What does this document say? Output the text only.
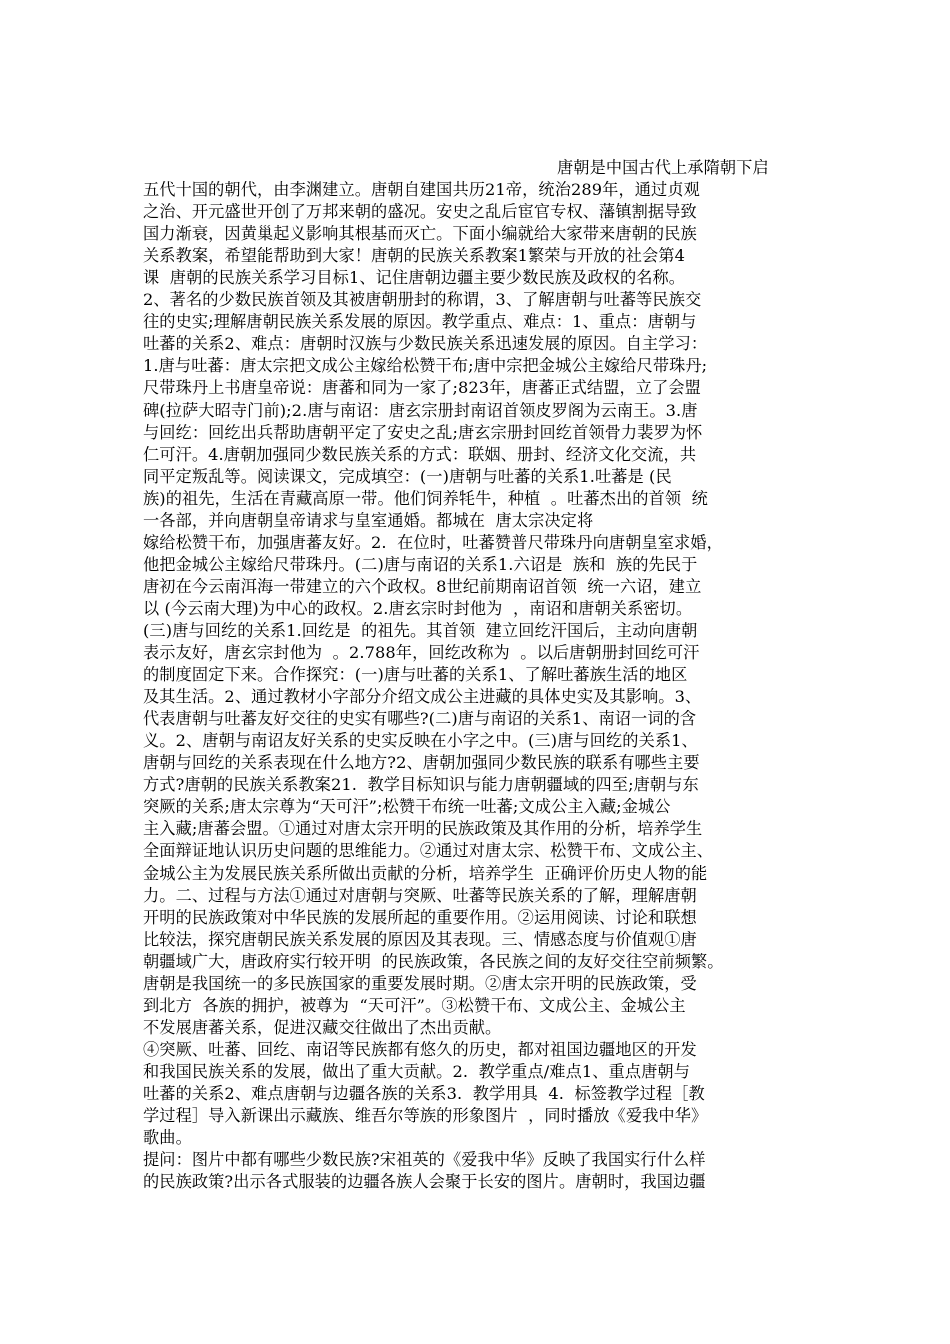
唐朝是中国古代上承隋朝下启
五代十国的朝代，由李渊建立。唐朝自建国共历21帝，统治289年，通过贞观
之治、开元盛世开创了万邦来朝的盛况。安史之乱后宦官专权、藩镇割据导致
国力渐衰，因黄巢起义影响其根基而灭亡。下面小编就给大家带来唐朝的民族
关系教案，希望能帮助到大家！唐朝的民族关系教案1繁荣与开放的社会第4
课  唐朝的民族关系学习目标1、记住唐朝边疆主要少数民族及政权的名称。
2、著名的少数民族首领及其被唐朝册封的称谓，3、了解唐朝与吐蕃等民族交
往的史实;理解唐朝民族关系发展的原因。教学重点、难点：1、重点：唐朝与
吐蕃的关系2、难点：唐朝时汉族与少数民族关系迅速发展的原因。自主学习：
1.唐与吐蕃：唐太宗把文成公主嫁给松赞干布;唐中宗把金城公主嫁给尺带珠丹;
尺带珠丹上书唐皇帝说：唐蕃和同为一家了;823年，唐蕃正式结盟，立了会盟
碑(拉萨大昭寺门前);2.唐与南诏：唐玄宗册封南诏首领皮罗阁为云南王。3.唐
与回纥：回纥出兵帮助唐朝平定了安史之乱;唐玄宗册封回纥首领骨力裴罗为怀
仁可汗。4.唐朝加强同少数民族关系的方式：联姻、册封、经济文化交流，共
同平定叛乱等。阅读课文，完成填空：(一)唐朝与吐蕃的关系1.吐蕃是 (民
族)的祖先，生活在青藏高原一带。他们饲养牦牛，种植  。吐蕃杰出的首领  统
一各部，并向唐朝皇帝请求与皇室通婚。都城在  唐太宗决定将
嫁给松赞干布，加强唐蕃友好。2.  在位时，吐蕃赞普尺带珠丹向唐朝皇室求婚，
他把金城公主嫁给尺带珠丹。(二)唐与南诏的关系1.六诏是  族和  族的先民于
唐初在今云南洱海一带建立的六个政权。8世纪前期南诏首领  统一六诏，建立
以 (今云南大理)为中心的政权。2.唐玄宗时封他为  ，南诏和唐朝关系密切。
(三)唐与回纥的关系1.回纥是  的祖先。其首领  建立回纥汗国后，主动向唐朝
表示友好，唐玄宗封他为  。2.788年，回纥改称为  。以后唐朝册封回纥可汗
的制度固定下来。合作探究：(一)唐与吐蕃的关系1、了解吐蕃族生活的地区
及其生活。2、通过教材小字部分介绍文成公主进藏的具体史实及其影响。3、
代表唐朝与吐蕃友好交往的史实有哪些?(二)唐与南诏的关系1、南诏一词的含
义。2、唐朝与南诏友好关系的史实反映在小字之中。(三)唐与回纥的关系1、
唐朝与回纥的关系表现在什么地方?2、唐朝加强同少数民族的联系有哪些主要
方式?唐朝的民族关系教案21.  教学目标知识与能力唐朝疆域的四至;唐朝与东
突厥的关系;唐太宗尊为“天可汗”;松赞干布统一吐蕃;文成公主入藏;金城公
主入藏;唐蕃会盟。①通过对唐太宗开明的民族政策及其作用的分析，培养学生
全面辩证地认识历史问题的思维能力。②通过对唐太宗、松赞干布、文成公主、
金城公主为发展民族关系所做出贡献的分析，培养学生  正确评价历史人物的能
力。二、过程与方法①通过对唐朝与突厥、吐蕃等民族关系的了解，理解唐朝
开明的民族政策对中华民族的发展所起的重要作用。②运用阅读、讨论和联想
比较法，探究唐朝民族关系发展的原因及其表现。三、情感态度与价值观①唐
朝疆域广大，唐政府实行较开明  的民族政策，各民族之间的友好交往空前频繁。
唐朝是我国统一的多民族国家的重要发展时期。②唐太宗开明的民族政策，受
到北方  各族的拥护，被尊为  “天可汗”。③松赞干布、文成公主、金城公主
不发展唐蕃关系，促进汉藏交往做出了杰出贡献。
④突厥、吐蕃、回纥、南诏等民族都有悠久的历史，都对祖国边疆地区的开发
和我国民族关系的发展，做出了重大贡献。2.  教学重点/难点1、重点唐朝与
吐蕃的关系2、难点唐朝与边疆各族的关系3.  教学用具  4.  标签教学过程［教
学过程］导入新课出示藏族、维吾尔等族的形象图片  ，同时播放《爱我中华》
歌曲。
提问：图片中都有哪些少数民族?宋祖英的《爱我中华》反映了我国实行什么样
的民族政策?出示各式服装的边疆各族人会聚于长安的图片。唐朝时，我国边疆
